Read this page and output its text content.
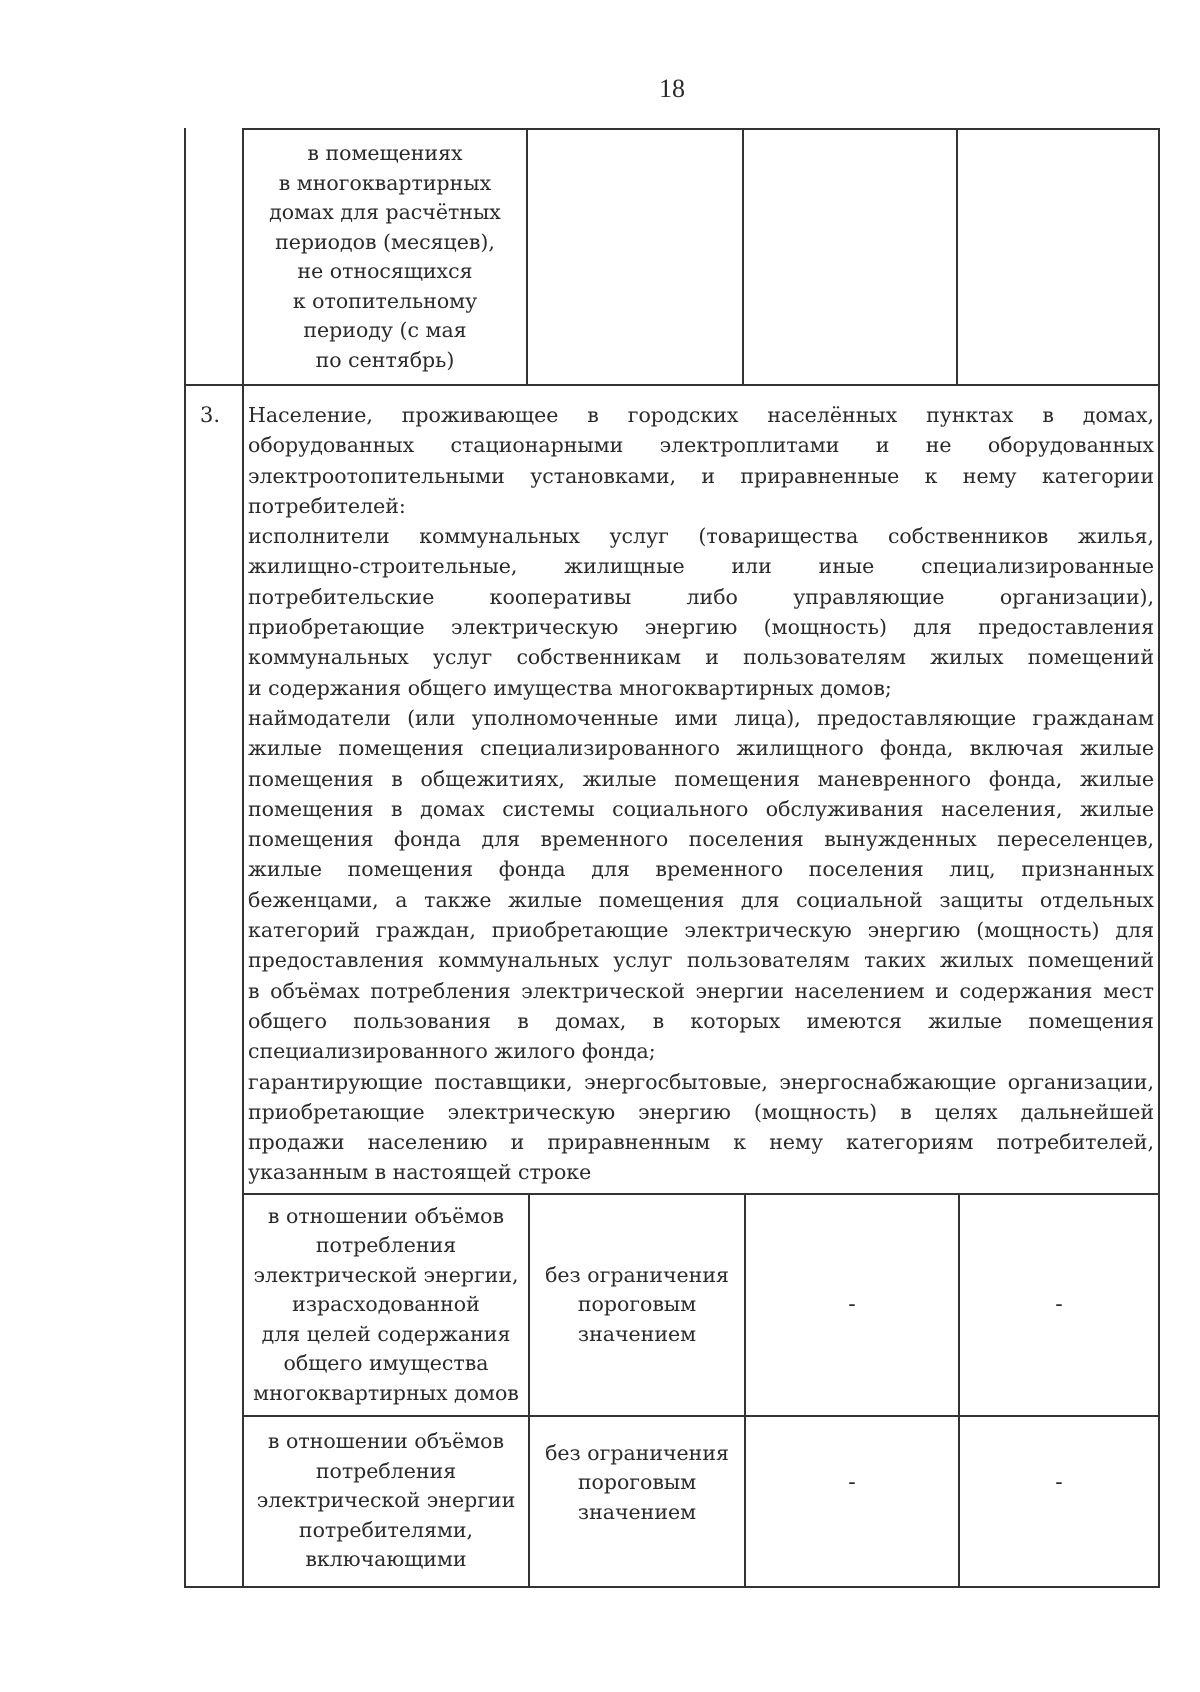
18
в помещениях
в многоквартирных
домах для расчётных
периодов (месяцев),
не относящихся
к отопительному
периоду (с мая
по сентябрь)
3. Население, проживающее в городских населённых пунктах в домах,

оборудованных стационарными электроплитами и не оборудованных

электроотопительными установками, и приравненные к нему категории

потребителей:

исполнители коммунальных услуг (товарищества собственников жилья,

жилищно-строительные, жилищные или иные специализированные

потребительские кооперативы либо управляющие организации),

приобретающие электрическую энергию (мощность) для предоставления

коммунальных услуг собственникам и пользователям жилых помещений

и содержания общего имущества многоквартирных домов;

наймодатели (или уполномоченные ими лица), предоставляющие гражданам

жилые помещения специализированного жилищного фонда, включая жилые

помещения в общежитиях, жилые помещения маневренного фонда, жилые

помещения в домах системы социального обслуживания населения, жилые

помещения фонда для временного поселения вынужденных переселенцев,

жилые помещения фонда для временного поселения лиц, признанных

беженцами, а также жилые помещения для социальной защиты отдельных

категорий граждан, приобретающие электрическую энергию (мощность) для

предоставления коммунальных услуг пользователям таких жилых помещений

в объёмах потребления электрической энергии населением и содержания мест

общего пользования в домах, в которых имеются жилые помещения

специализированного жилого фонда;

гарантирующие поставщики, энергосбытовые, энергоснабжающие организации,

приобретающие электрическую энергию (мощность) в целях дальнейшей

продажи населению и приравненным к нему категориям потребителей,

указанным в настоящей строке

в отношении объёмов
потребления
электрической энергии,
израсходованной
для целей содержания
общего имущества
многоквартирных домов
без ограничения
пороговым
значением
-	-
в отношении объёмов
потребления
электрической энергии
потребителями,
включающими
без ограничения
пороговым
значением
-	-
